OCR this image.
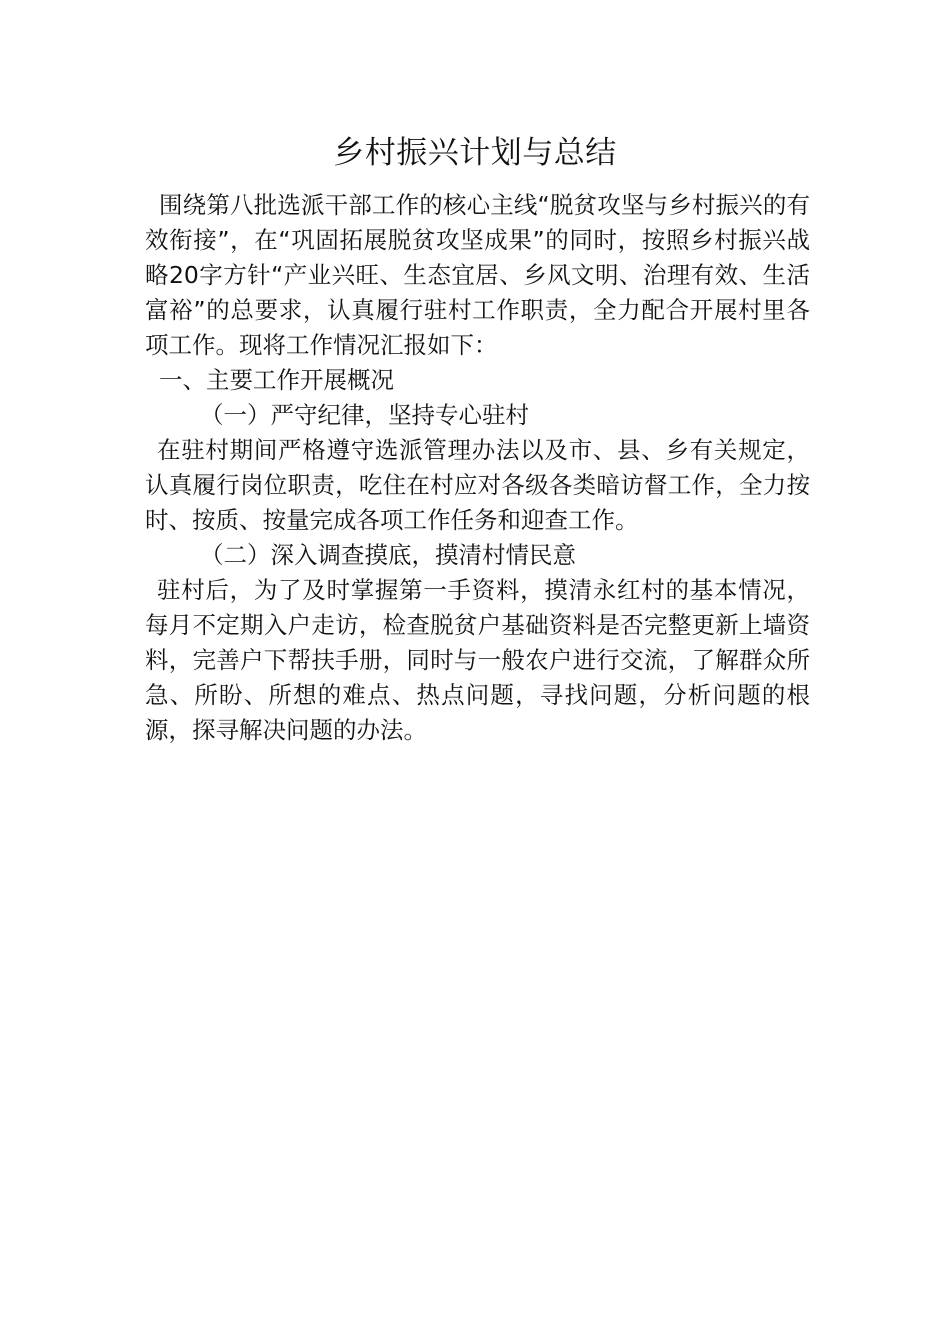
乡村振兴计划与总结

围绕第八批选派干部工作的核心主线“脱贫攻坚与乡村振兴的有效衔接”，在“巩固拓展脱贫攻坚成果”的同时，按照乡村振兴战略20字方针“产业兴旺、生态宜居、乡风文明、治理有效、生活富裕”的总要求，认真履行驻村工作职责，全力配合开展村里各项工作。现将工作情况汇报如下：

一、主要工作开展概况

（一）严守纪律，坚持专心驻村

在驻村期间严格遵守选派管理办法以及市、县、乡有关规定，认真履行岗位职责，吃住在村应对各级各类暗访督工作，全力按时、按质、按量完成各项工作任务和迎查工作。

（二）深入调查摸底，摸清村情民意

驻村后，为了及时掌握第一手资料，摸清永红村的基本情况，每月不定期入户走访，检查脱贫户基础资料是否完整更新上墙资料，完善户下帮扶手册，同时与一般农户进行交流，了解群众所急、所盼、所想的难点、热点问题，寻找问题，分析问题的根源，探寻解决问题的办法。
